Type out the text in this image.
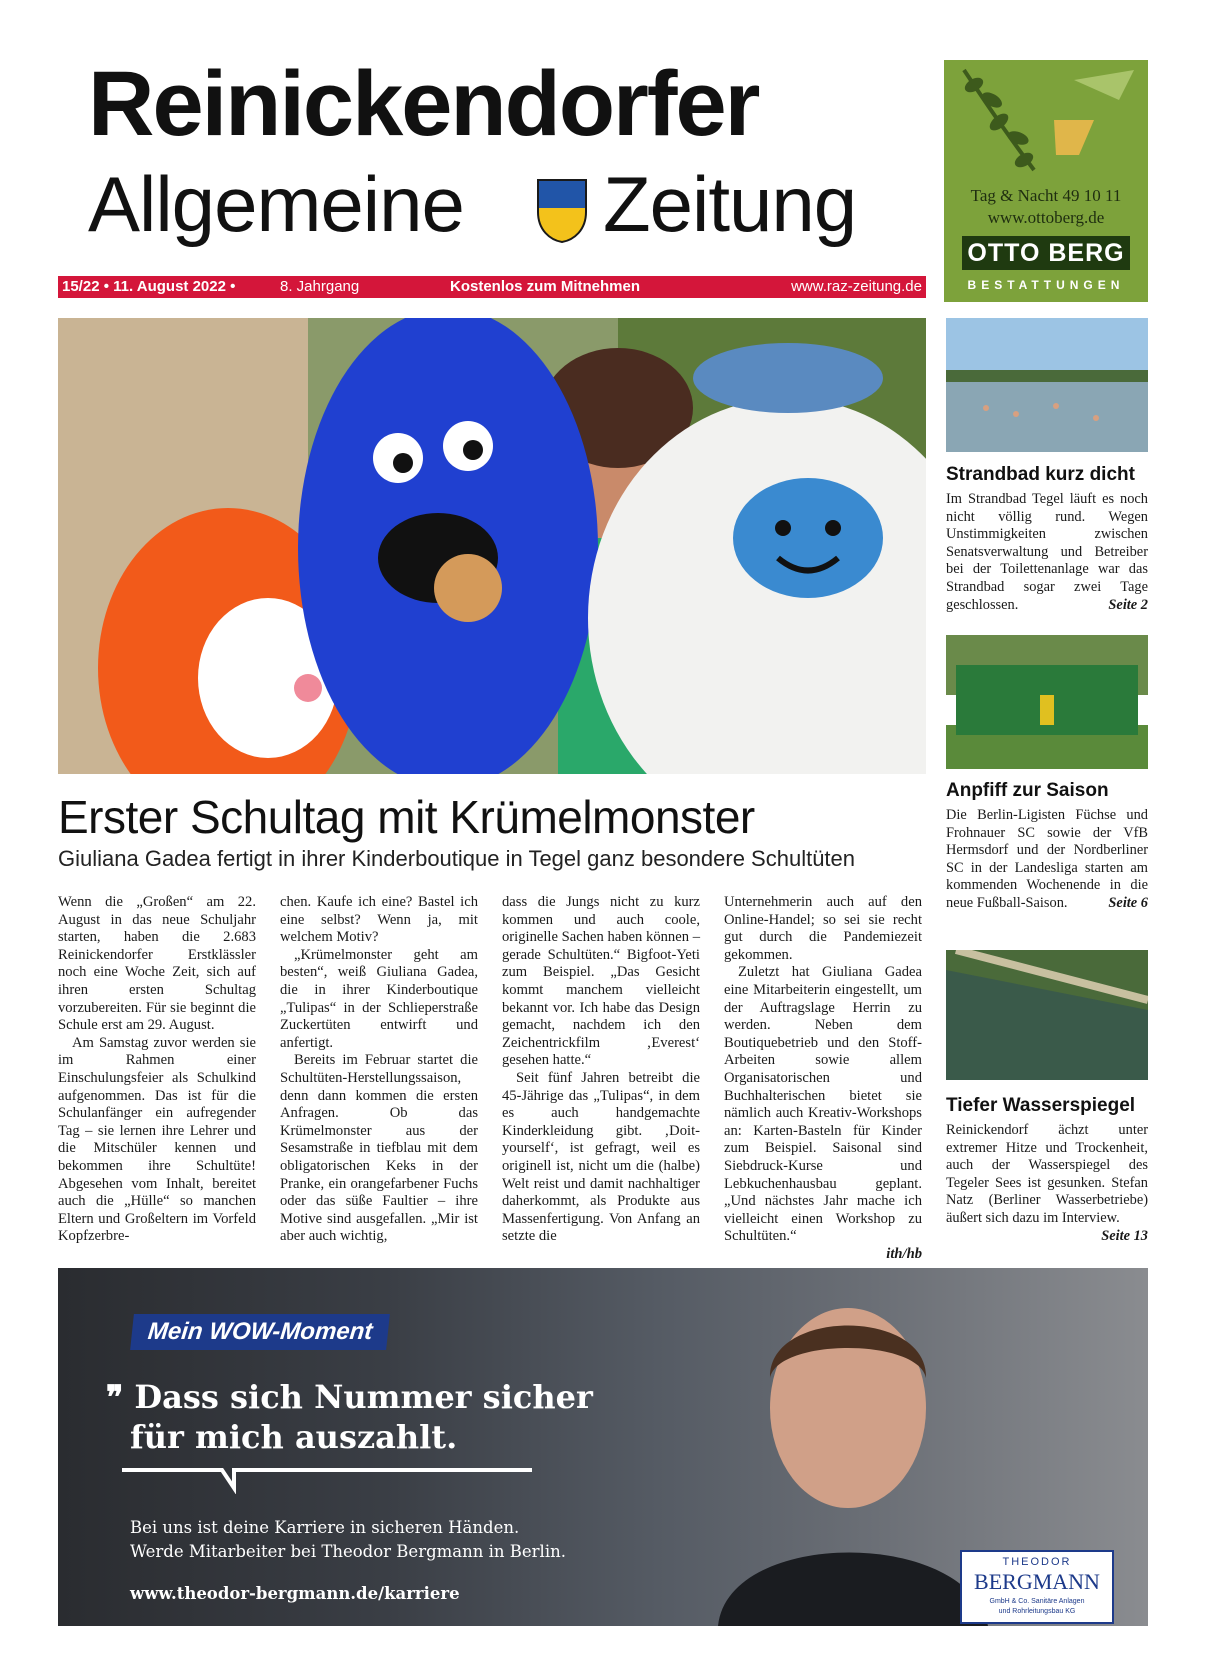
Reinickendorfer
Allgemeine Zeitung
15/22 • 11. August 2022 •	8. Jahrgang	Kostenlos zum Mitnehmen	www.raz-zeitung.de
Tag & Nacht 49 10 11
www.ottoberg.de
OTTO BERG
BESTATTUNGEN
Erster Schultag mit Krümelmonster
Giuliana Gadea fertigt in ihrer Kinderboutique in Tegel ganz besondere Schultüten

Wenn die „Großen“ am 22. August in das neue Schuljahr starten, haben die 2.683 Reinickendorfer Erstklässler noch eine Woche Zeit, sich auf ihren ersten Schultag vorzubereiten. Für sie beginnt die Schule erst am 29. August.

Am Samstag zuvor werden sie im Rahmen einer Einschulungsfeier als Schulkind aufgenommen. Das ist für die Schulanfänger ein aufregender Tag – sie lernen ihre Lehrer und die Mitschüler kennen und bekommen ihre Schultüte! Abgesehen vom Inhalt, bereitet auch die „Hülle“ so manchen Eltern und Großeltern im Vorfeld Kopfzerbre-

chen. Kaufe ich eine? Bastel ich eine selbst? Wenn ja, mit welchem Motiv?

„Krümelmonster geht am besten“, weiß Giuliana Gadea, die in ihrer Kinderboutique „Tulipas“ in der Schlieperstraße Zuckertüten entwirft und anfertigt.

Bereits im Februar startet die Schultüten-Herstellungssaison, denn dann kommen die ersten Anfragen. Ob das Krümelmonster aus der Sesamstraße in tiefblau mit dem obligatorischen Keks in der Pranke, ein orangefarbener Fuchs oder das süße Faultier – ihre Motive sind ausgefallen. „Mir ist aber auch wichtig,

dass die Jungs nicht zu kurz kommen und auch coole, originelle Sachen haben können – gerade Schultüten.“ Bigfoot-Yeti zum Beispiel. „Das Gesicht kommt manchem vielleicht bekannt vor. Ich habe das Design gemacht, nachdem ich den Zeichentrickfilm ‚Everest‘ gesehen hatte.“

Seit fünf Jahren betreibt die 45-Jährige das „Tulipas“, in dem es auch handgemachte Kinderkleidung gibt. ‚Doit-yourself‘, ist gefragt, weil es originell ist, nicht um die (halbe) Welt reist und damit nachhaltiger daherkommt, als Produkte aus Massenfertigung. Von Anfang an setzte die

Unternehmerin auch auf den Online-Handel; so sei sie recht gut durch die Pandemiezeit gekommen.

Zuletzt hat Giuliana Gadea eine Mitarbeiterin eingestellt, um der Auftragslage Herrin zu werden. Neben dem Boutiquebetrieb und den Stoff-Arbeiten sowie allem Organisatorischen und Buchhalterischen bietet sie nämlich auch Kreativ-Workshops an: Karten-Basteln für Kinder zum Beispiel. Saisonal sind Siebdruck-Kurse und Lebkuchenhausbau geplant. „Und nächstes Jahr mache ich vielleicht einen Workshop zu Schultüten.“

ith/hb

Strandbad kurz dicht
Im Strandbad Tegel läuft es noch nicht völlig rund. Wegen Unstimmigkeiten zwischen Senatsverwaltung und Betreiber bei der Toilettenanlage war das Strandbad sogar zwei Tage geschlossen.	Seite 2
Anpfiff zur Saison
Die Berlin-Ligisten Füchse und Frohnauer SC sowie der VfB Hermsdorf und der Nordberliner SC in der Landesliga starten am kommenden Wochenende in die neue Fußball-Saison.	Seite 6
Tiefer Wasserspiegel
Reinickendorf ächzt unter extremer Hitze und Trockenheit, auch der Wasserspiegel des Tegeler Sees ist gesunken. Stefan Natz (Berliner Wasserbetriebe) äußert sich dazu im Interview.
Seite 13
Mein WOW-Moment
❞ Dass sich Nummer sicher
für mich auszahlt.
Bei uns ist deine Karriere in sicheren Händen.
Werde Mitarbeiter bei Theodor Bergmann in Berlin.
www.theodor-bergmann.de/karriere
THEODOR
BERGMANN
GmbH & Co. Sanitäre Anlagen
und Rohrleitungsbau KG
